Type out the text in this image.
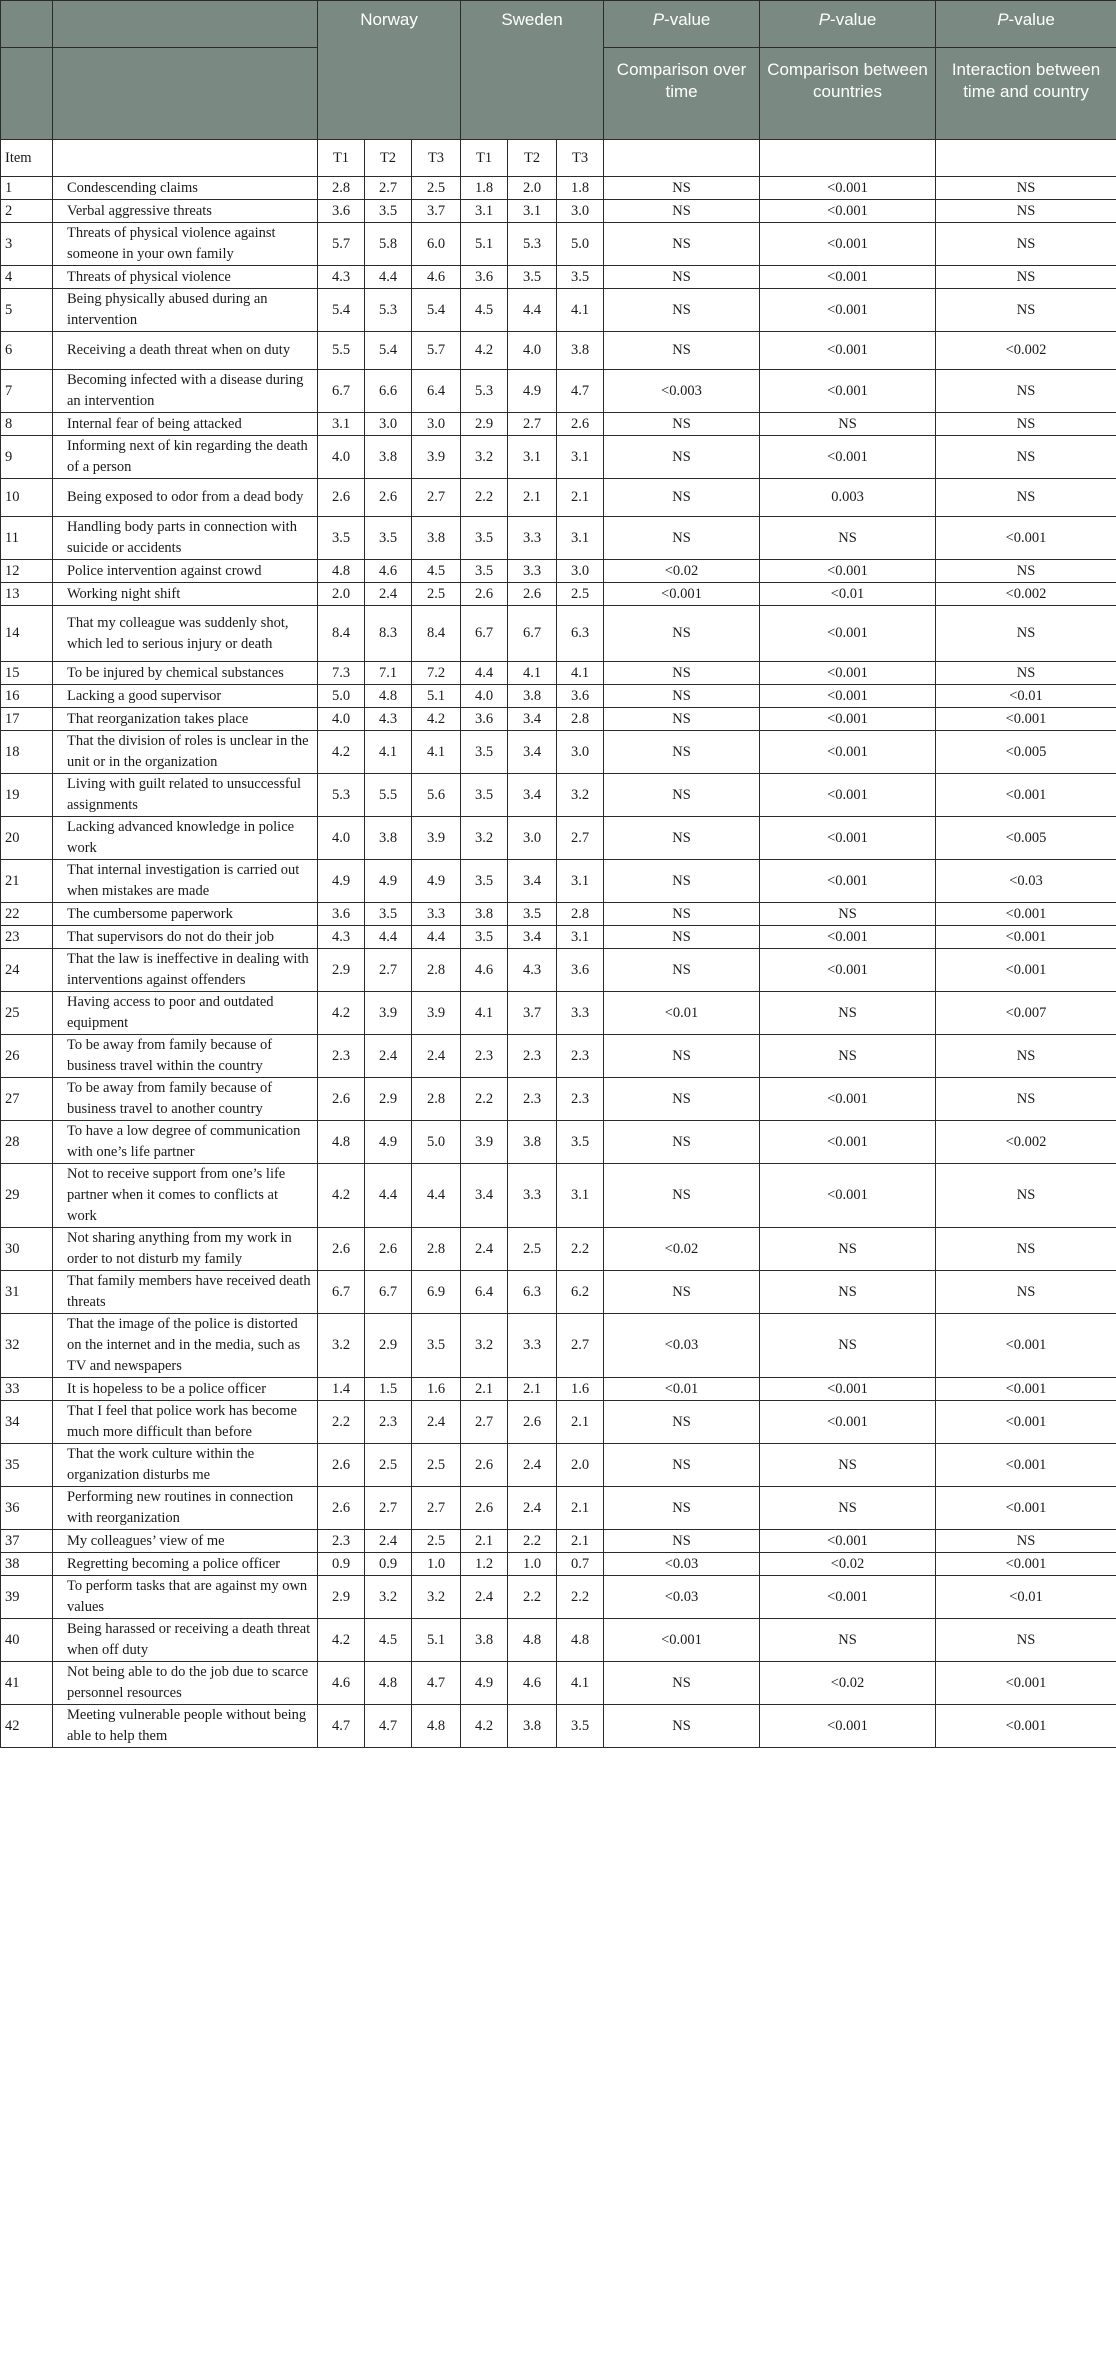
		Norway			Sweden			P-value	P-value	P-value
								Comparison over time	Comparison between countries	Interaction between time and country
Item		T1	T2	T3	T1	T2	T3			
1	Condescending claims	2.8	2.7	2.5	1.8	2.0	1.8	NS	<0.001	NS
2	Verbal aggressive threats	3.6	3.5	3.7	3.1	3.1	3.0	NS	<0.001	NS
3	Threats of physical violence against someone in your own family	5.7	5.8	6.0	5.1	5.3	5.0	NS	<0.001	NS
4	Threats of physical violence	4.3	4.4	4.6	3.6	3.5	3.5	NS	<0.001	NS
5	Being physically abused during an intervention	5.4	5.3	5.4	4.5	4.4	4.1	NS	<0.001	NS
6	Receiving a death threat when on duty	5.5	5.4	5.7	4.2	4.0	3.8	NS	<0.001	<0.002
7	Becoming infected with a disease during an intervention	6.7	6.6	6.4	5.3	4.9	4.7	<0.003	<0.001	NS
8	Internal fear of being attacked	3.1	3.0	3.0	2.9	2.7	2.6	NS	NS	NS
9	Informing next of kin regarding the death of a person	4.0	3.8	3.9	3.2	3.1	3.1	NS	<0.001	NS
10	Being exposed to odor from a dead body	2.6	2.6	2.7	2.2	2.1	2.1	NS	0.003	NS
11	Handling body parts in connection with suicide or accidents	3.5	3.5	3.8	3.5	3.3	3.1	NS	NS	<0.001
12	Police intervention against crowd	4.8	4.6	4.5	3.5	3.3	3.0	<0.02	<0.001	NS
13	Working night shift	2.0	2.4	2.5	2.6	2.6	2.5	<0.001	<0.01	<0.002
14	That my colleague was suddenly shot, which led to serious injury or death	8.4	8.3	8.4	6.7	6.7	6.3	NS	<0.001	NS
15	To be injured by chemical substances	7.3	7.1	7.2	4.4	4.1	4.1	NS	<0.001	NS
16	Lacking a good supervisor	5.0	4.8	5.1	4.0	3.8	3.6	NS	<0.001	<0.01
17	That reorganization takes place	4.0	4.3	4.2	3.6	3.4	2.8	NS	<0.001	<0.001
18	That the division of roles is unclear in the unit or in the organization	4.2	4.1	4.1	3.5	3.4	3.0	NS	<0.001	<0.005
19	Living with guilt related to unsuccessful assignments	5.3	5.5	5.6	3.5	3.4	3.2	NS	<0.001	<0.001
20	Lacking advanced knowledge in police work	4.0	3.8	3.9	3.2	3.0	2.7	NS	<0.001	<0.005
21	That internal investigation is carried out when mistakes are made	4.9	4.9	4.9	3.5	3.4	3.1	NS	<0.001	<0.03
22	The cumbersome paperwork	3.6	3.5	3.3	3.8	3.5	2.8	NS	NS	<0.001
23	That supervisors do not do their job	4.3	4.4	4.4	3.5	3.4	3.1	NS	<0.001	<0.001
24	That the law is ineffective in dealing with interventions against offenders	2.9	2.7	2.8	4.6	4.3	3.6	NS	<0.001	<0.001
25	Having access to poor and outdated equipment	4.2	3.9	3.9	4.1	3.7	3.3	<0.01	NS	<0.007
26	To be away from family because of business travel within the country	2.3	2.4	2.4	2.3	2.3	2.3	NS	NS	NS
27	To be away from family because of business travel to another country	2.6	2.9	2.8	2.2	2.3	2.3	NS	<0.001	NS
28	To have a low degree of communication with one’s life partner	4.8	4.9	5.0	3.9	3.8	3.5	NS	<0.001	<0.002
29	Not to receive support from one’s life partner when it comes to conflicts at work	4.2	4.4	4.4	3.4	3.3	3.1	NS	<0.001	NS
30	Not sharing anything from my work in order to not disturb my family	2.6	2.6	2.8	2.4	2.5	2.2	<0.02	NS	NS
31	That family members have received death threats	6.7	6.7	6.9	6.4	6.3	6.2	NS	NS	NS
32	That the image of the police is distorted on the internet and in the media, such as TV and newspapers	3.2	2.9	3.5	3.2	3.3	2.7	<0.03	NS	<0.001
33	It is hopeless to be a police officer	1.4	1.5	1.6	2.1	2.1	1.6	<0.01	<0.001	<0.001
34	That I feel that police work has become much more difficult than before	2.2	2.3	2.4	2.7	2.6	2.1	NS	<0.001	<0.001
35	That the work culture within the organization disturbs me	2.6	2.5	2.5	2.6	2.4	2.0	NS	NS	<0.001
36	Performing new routines in connection with reorganization	2.6	2.7	2.7	2.6	2.4	2.1	NS	NS	<0.001
37	My colleagues’ view of me	2.3	2.4	2.5	2.1	2.2	2.1	NS	<0.001	NS
38	Regretting becoming a police officer	0.9	0.9	1.0	1.2	1.0	0.7	<0.03	<0.02	<0.001
39	To perform tasks that are against my own values	2.9	3.2	3.2	2.4	2.2	2.2	<0.03	<0.001	<0.01
40	Being harassed or receiving a death threat when off duty	4.2	4.5	5.1	3.8	4.8	4.8	<0.001	NS	NS
41	Not being able to do the job due to scarce personnel resources	4.6	4.8	4.7	4.9	4.6	4.1	NS	<0.02	<0.001
42	Meeting vulnerable people without being able to help them	4.7	4.7	4.8	4.2	3.8	3.5	NS	<0.001	<0.001
